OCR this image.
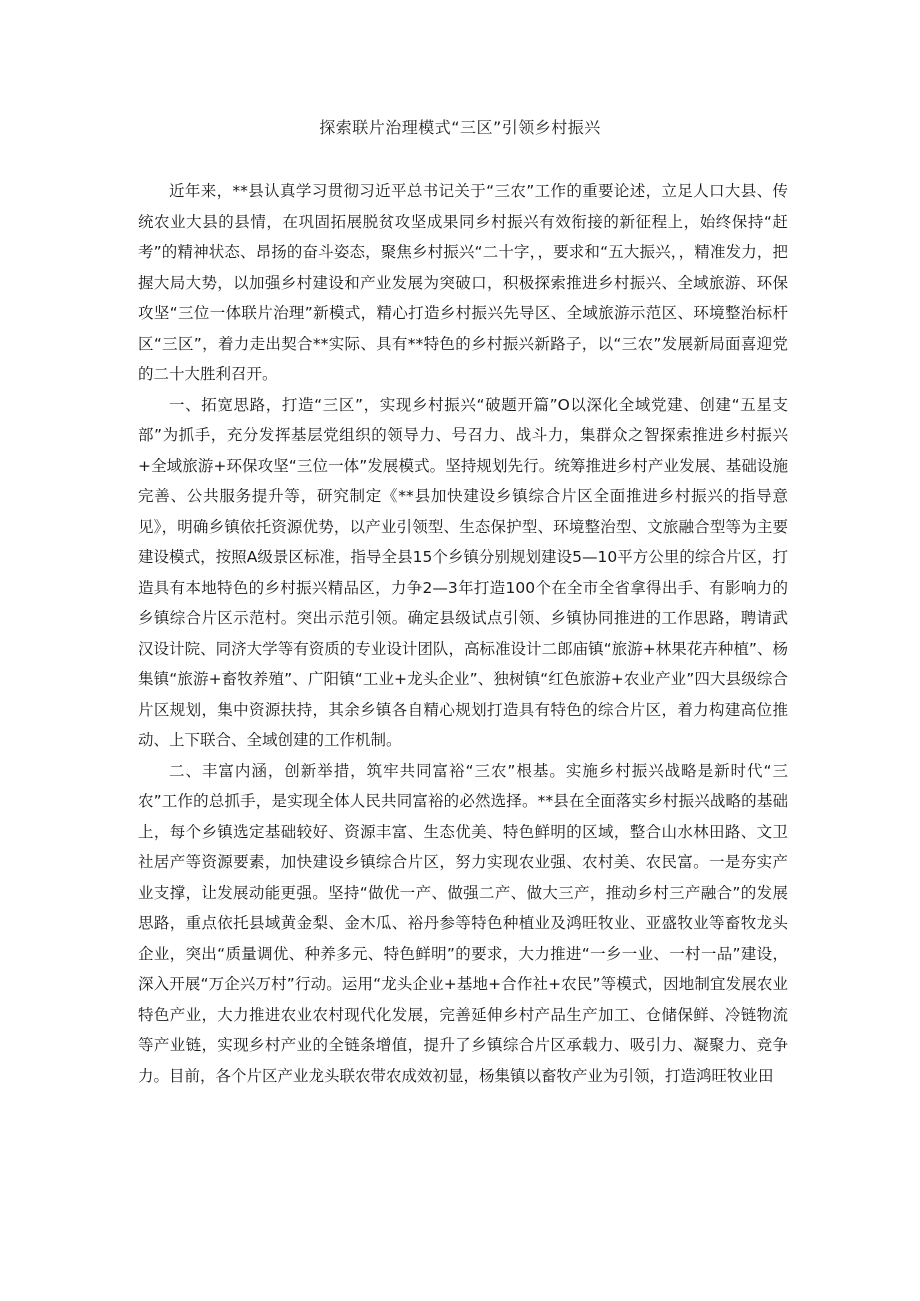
探索联片治理模式“三区”引领乡村振兴

近年来，**县认真学习贯彻习近平总书记关于“三农”工作的重要论述，立足人口大县、传统农业大县的县情，在巩固拓展脱贫攻坚成果同乡村振兴有效衔接的新征程上，始终保持“赶考”的精神状态、昂扬的奋斗姿态，聚焦乡村振兴“二十字，，要求和“五大振兴，，精准发力，把握大局大势，以加强乡村建设和产业发展为突破口，积极探索推进乡村振兴、全域旅游、环保攻坚“三位一体联片治理”新模式，精心打造乡村振兴先导区、全域旅游示范区、环境整治标杆区“三区”，着力走出契合**实际、具有**特色的乡村振兴新路子，以“三农”发展新局面喜迎党的二十大胜利召开。

一、拓宽思路，打造“三区”，实现乡村振兴“破题开篇”O以深化全域党建、创建“五星支部”为抓手，充分发挥基层党组织的领导力、号召力、战斗力，集群众之智探索推进乡村振兴+全域旅游+环保攻坚“三位一体”发展模式。坚持规划先行。统筹推进乡村产业发展、基础设施完善、公共服务提升等，研究制定《**县加快建设乡镇综合片区全面推进乡村振兴的指导意见》，明确乡镇依托资源优势，以产业引领型、生态保护型、环境整治型、文旅融合型等为主要建设模式，按照A级景区标准，指导全县15个乡镇分别规划建设5—10平方公里的综合片区，打造具有本地特色的乡村振兴精品区，力争2—3年打造100个在全市全省拿得出手、有影响力的乡镇综合片区示范村。突出示范引领。确定县级试点引领、乡镇协同推进的工作思路，聘请武汉设计院、同济大学等有资质的专业设计团队，高标准设计二郎庙镇“旅游+林果花卉种植”、杨集镇“旅游+畜牧养殖”、广阳镇“工业+龙头企业”、独树镇“红色旅游+农业产业”四大县级综合片区规划，集中资源扶持，其余乡镇各自精心规划打造具有特色的综合片区，着力构建高位推动、上下联合、全域创建的工作机制。

二、丰富内涵，创新举措，筑牢共同富裕“三农”根基。实施乡村振兴战略是新时代“三农”工作的总抓手，是实现全体人民共同富裕的必然选择。**县在全面落实乡村振兴战略的基础上，每个乡镇选定基础较好、资源丰富、生态优美、特色鲜明的区域，整合山水林田路、文卫社居产等资源要素，加快建设乡镇综合片区，努力实现农业强、农村美、农民富。一是夯实产业支撑，让发展动能更强。坚持“做优一产、做强二产、做大三产，推动乡村三产融合”的发展思路，重点依托县域黄金梨、金木瓜、裕丹参等特色种植业及鸿旺牧业、亚盛牧业等畜牧龙头企业，突出“质量调优、种养多元、特色鲜明”的要求，大力推进“一乡一业、一村一品”建设，深入开展“万企兴万村”行动。运用“龙头企业+基地+合作社+农民”等模式，因地制宜发展农业特色产业，大力推进农业农村现代化发展，完善延伸乡村产品生产加工、仓储保鲜、冷链物流等产业链，实现乡村产业的全链条增值，提升了乡镇综合片区承载力、吸引力、凝聚力、竞争力。目前，各个片区产业龙头联农带农成效初显，杨集镇以畜牧产业为引领，打造鸿旺牧业田
